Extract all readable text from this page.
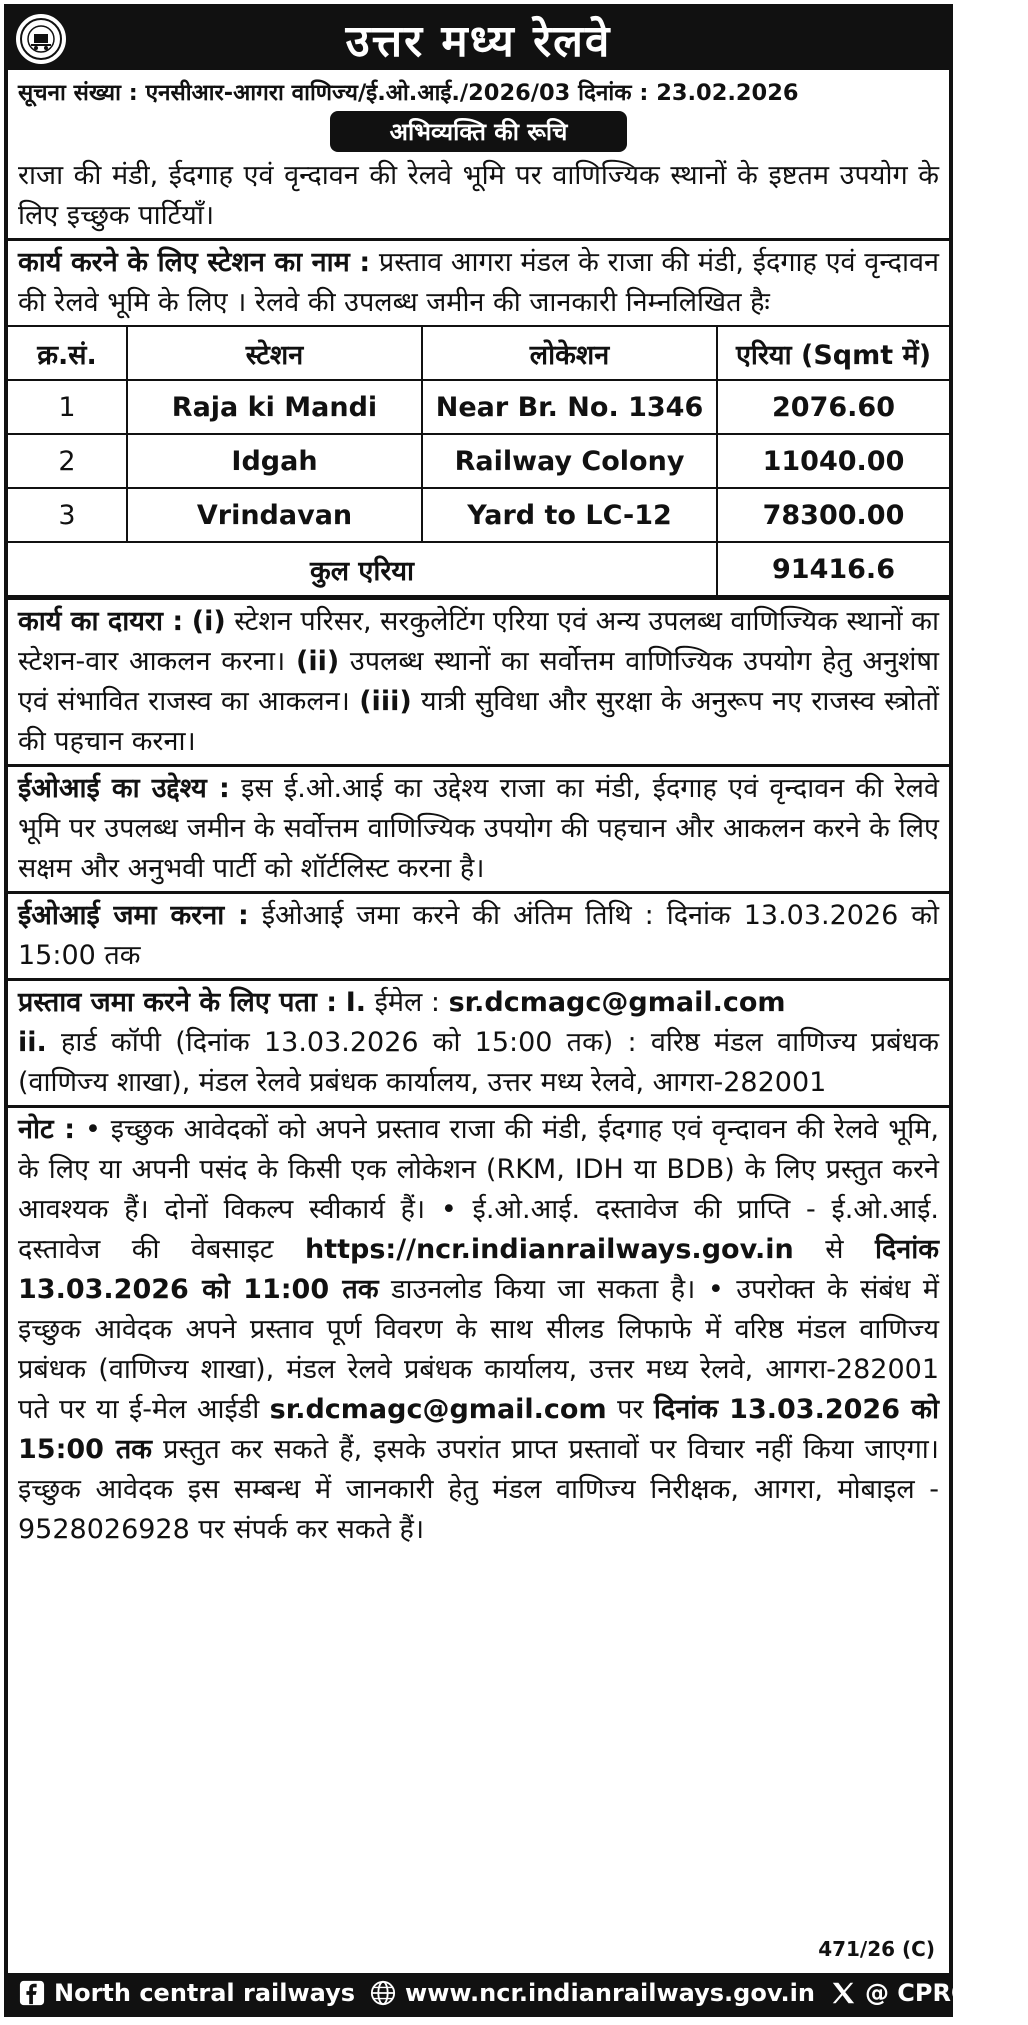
उत्तर मध्य रेलवे
सूचना संख्या : एनसीआर-आगरा वाणिज्य/ई.ओ.आई./2026/03 दिनांक : 23.02.2026
अभिव्यक्ति की रूचि
राजा की मंडी, ईदगाह एवं वृन्दावन की रेलवे भूमि पर वाणिज्यिक स्थानों के इष्टतम उपयोग के लिए इच्छुक पार्टियाँ।
कार्य करने के लिए स्टेशन का नाम : प्रस्ताव आगरा मंडल के राजा की मंडी, ईदगाह एवं वृन्दावन की रेलवे भूमि के लिए । रेलवे की उपलब्ध जमीन की जानकारी निम्नलिखित हैः
क्र.सं.	स्टेशन	लोकेशन	एरिया (Sqmt में)
1	Raja ki Mandi	Near Br. No. 1346	2076.60
2	Idgah	Railway Colony	11040.00
3	Vrindavan	Yard to LC-12	78300.00
कुल एरिया			91416.6
कार्य का दायरा : (i) स्टेशन परिसर, सरकुलेटिंग एरिया एवं अन्य उपलब्ध वाणिज्यिक स्थानों का स्टेशन-वार आकलन करना। (ii) उपलब्ध स्थानों का सर्वोत्तम वाणिज्यिक उपयोग हेतु अनुशंषा एवं संभावित राजस्व का आकलन। (iii) यात्री सुविधा और सुरक्षा के अनुरूप नए राजस्व स्त्रोतों की पहचान करना।
ईओआई का उद्देश्य : इस ई.ओ.आई का उद्देश्य राजा का मंडी, ईदगाह एवं वृन्दावन की रेलवे भूमि पर उपलब्ध जमीन के सर्वोत्तम वाणिज्यिक उपयोग की पहचान और आकलन करने के लिए सक्षम और अनुभवी पार्टी को शॉर्टलिस्ट करना है।
ईओआई जमा करना : ईओआई जमा करने की अंतिम तिथि : दिनांक 13.03.2026 को 15:00 तक
प्रस्ताव जमा करने के लिए पता : I. ईमेल : sr.dcmagc@gmail.com
ii. हार्ड कॉपी (दिनांक 13.03.2026 को 15:00 तक) : वरिष्ठ मंडल वाणिज्य प्रबंधक (वाणिज्य शाखा), मंडल रेलवे प्रबंधक कार्यालय, उत्तर मध्य रेलवे, आगरा-282001
नोट : • इच्छुक आवेदकों को अपने प्रस्ताव राजा की मंडी, ईदगाह एवं वृन्दावन की रेलवे भूमि, के लिए या अपनी पसंद के किसी एक लोकेशन (RKM, IDH या BDB) के लिए प्रस्तुत करने आवश्यक हैं। दोनों विकल्प स्वीकार्य हैं। • ई.ओ.आई. दस्तावेज की प्राप्ति - ई.ओ.आई. दस्तावेज की वेबसाइट https://ncr.indianrailways.gov.in से दिनांक 13.03.2026 को 11:00 तक डाउनलोड किया जा सकता है। • उपरोक्त के संबंध में इच्छुक आवेदक अपने प्रस्ताव पूर्ण विवरण के साथ सीलड लिफाफे में वरिष्ठ मंडल वाणिज्य प्रबंधक (वाणिज्य शाखा), मंडल रेलवे प्रबंधक कार्यालय, उत्तर मध्य रेलवे, आगरा-282001 पते पर या ई-मेल आईडी sr.dcmagc@gmail.com पर दिनांक 13.03.2026 को 15:00 तक प्रस्तुत कर सकते हैं, इसके उपरांत प्राप्त प्रस्तावों पर विचार नहीं किया जाएगा। इच्छुक आवेदक इस सम्बन्ध में जानकारी हेतु मंडल वाणिज्य निरीक्षक, आगरा, मोबाइल - 9528026928 पर संपर्क कर सकते हैं।
471/26 (C)
North central railways www.ncr.indianrailways.gov.in @ CPRONCR
